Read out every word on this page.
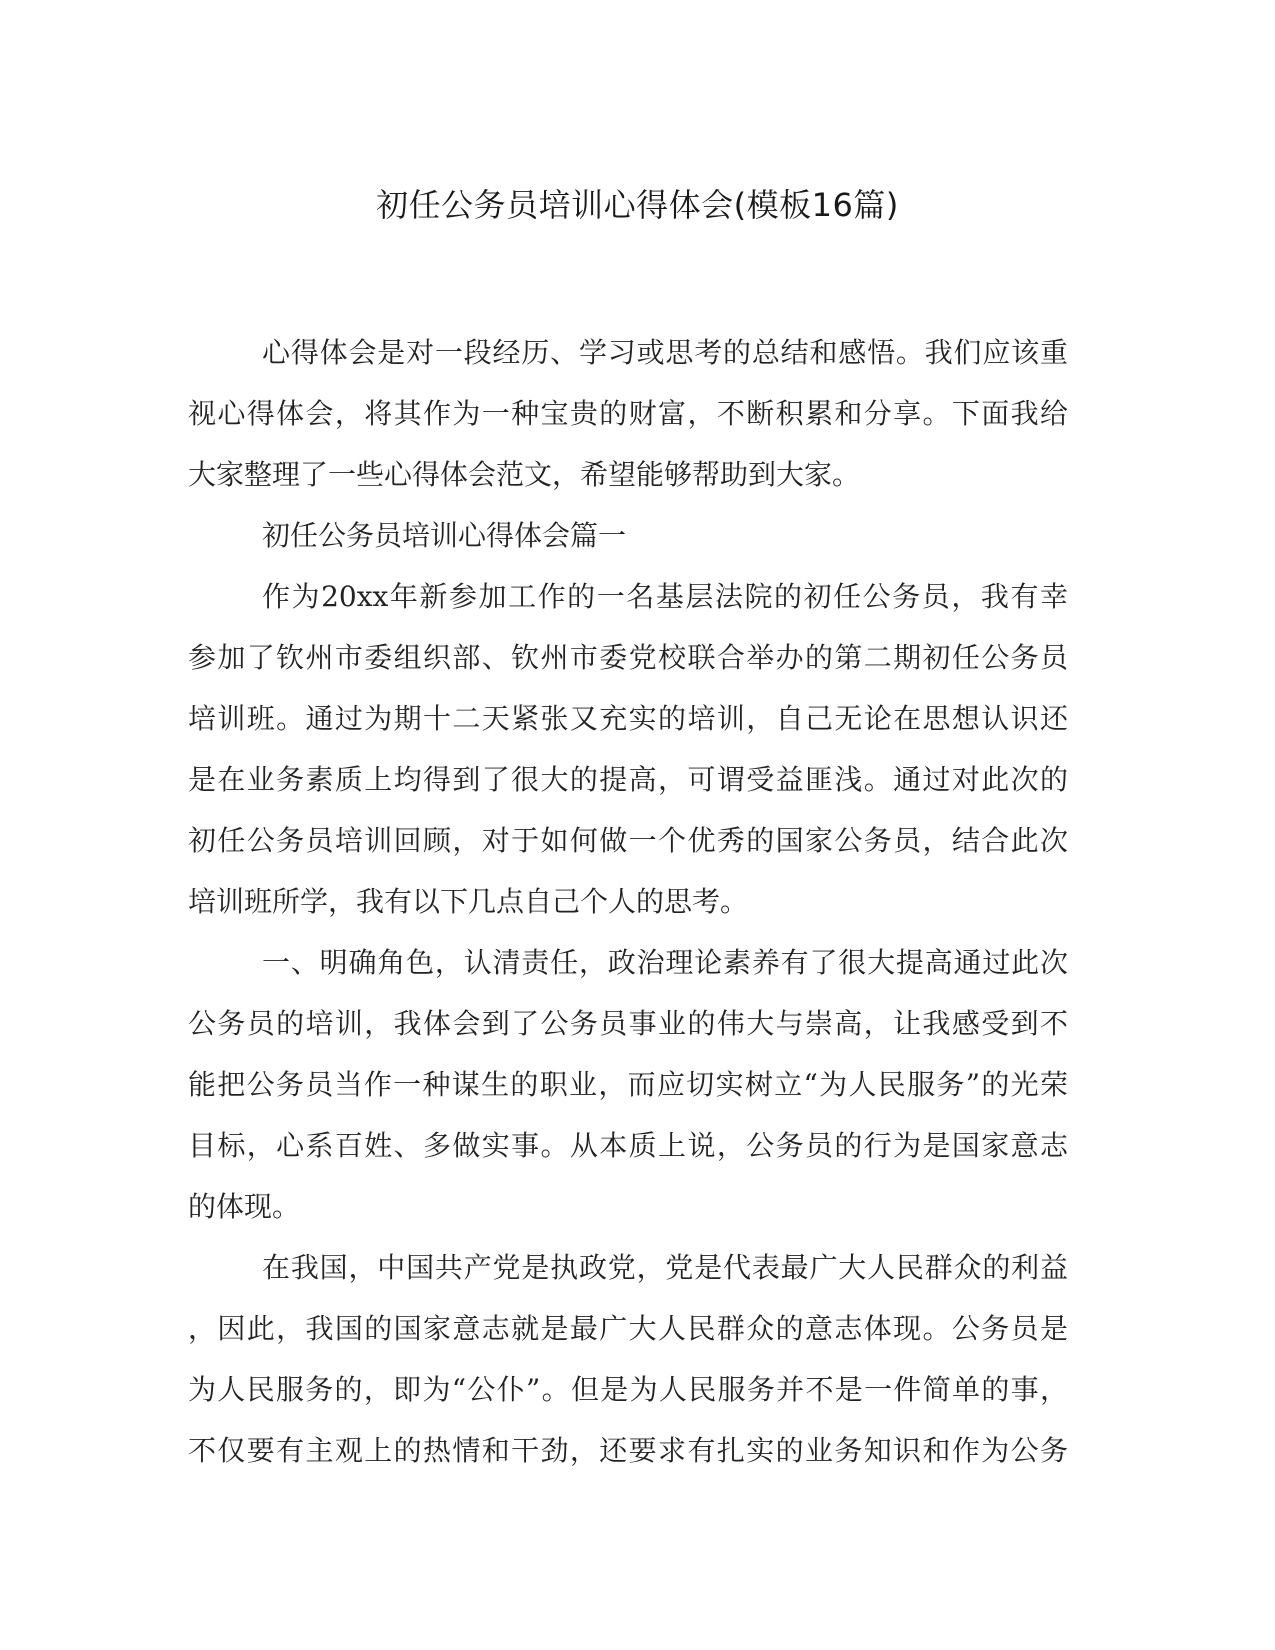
初任公务员培训心得体会(模板16篇)
心得体会是对一段经历、学习或思考的总结和感悟。我们应该重
视心得体会，将其作为一种宝贵的财富，不断积累和分享。下面我给
大家整理了一些心得体会范文，希望能够帮助到大家。
初任公务员培训心得体会篇一
作为20xx年新参加工作的一名基层法院的初任公务员，我有幸
参加了钦州市委组织部、钦州市委党校联合举办的第二期初任公务员
培训班。通过为期十二天紧张又充实的培训，自己无论在思想认识还
是在业务素质上均得到了很大的提高，可谓受益匪浅。通过对此次的
初任公务员培训回顾，对于如何做一个优秀的国家公务员，结合此次
培训班所学，我有以下几点自己个人的思考。
一、明确角色，认清责任，政治理论素养有了很大提高通过此次
公务员的培训，我体会到了公务员事业的伟大与崇高，让我感受到不
能把公务员当作一种谋生的职业，而应切实树立“为人民服务”的光荣
目标，心系百姓、多做实事。从本质上说，公务员的行为是国家意志
的体现。
在我国，中国共产党是执政党，党是代表最广大人民群众的利益
，因此，我国的国家意志就是最广大人民群众的意志体现。公务员是
为人民服务的，即为“公仆”。但是为人民服务并不是一件简单的事，
不仅要有主观上的热情和干劲，还要求有扎实的业务知识和作为公务
